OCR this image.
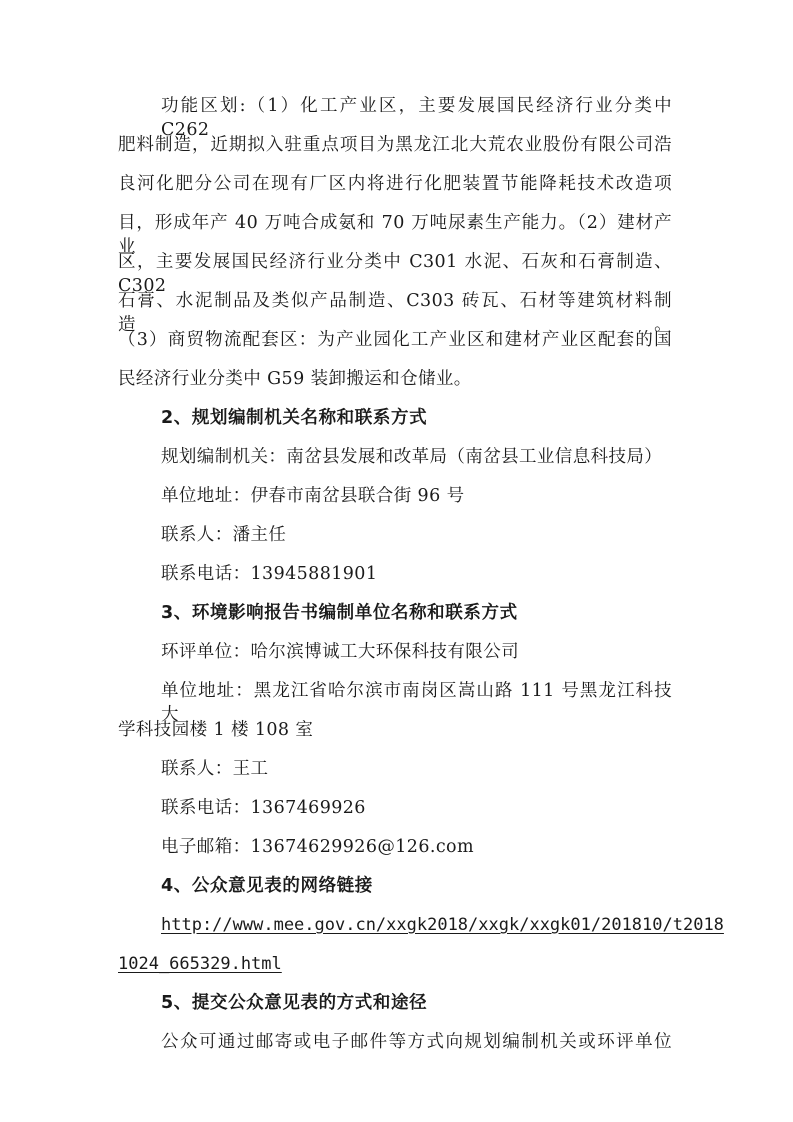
功能区划:（1）化工产业区，主要发展国民经济行业分类中 C262
肥料制造，近期拟入驻重点项目为黑龙江北大荒农业股份有限公司浩
良河化肥分公司在现有厂区内将进行化肥装置节能降耗技术改造项
目，形成年产 40 万吨合成氨和 70 万吨尿素生产能力。（2）建材产业
区，主要发展国民经济行业分类中 C301 水泥、石灰和石膏制造、C302
石膏、水泥制品及类似产品制造、C303 砖瓦、石材等建筑材料制造。
（3）商贸物流配套区：为产业园化工产业区和建材产业区配套的国
民经济行业分类中 G59 装卸搬运和仓储业。
2、规划编制机关名称和联系方式
规划编制机关：南岔县发展和改革局（南岔县工业信息科技局）
单位地址：伊春市南岔县联合街 96 号
联系人：潘主任
联系电话：13945881901
3、环境影响报告书编制单位名称和联系方式
环评单位：哈尔滨博诚工大环保科技有限公司
单位地址：黑龙江省哈尔滨市南岗区嵩山路 111 号黑龙江科技大
学科技园楼 1 楼 108 室
联系人：王工
联系电话：1367469926
电子邮箱：1367462992​6@126.com
4、公众意见表的网络链接
http://www.mee.gov.cn/xxgk2018/xxgk/xxgk01/201810/t2018
1024_665329.html
5、提交公众意见表的方式和途径
公众可通过邮寄或电子邮件等方式向规划编制机关或环评单位
